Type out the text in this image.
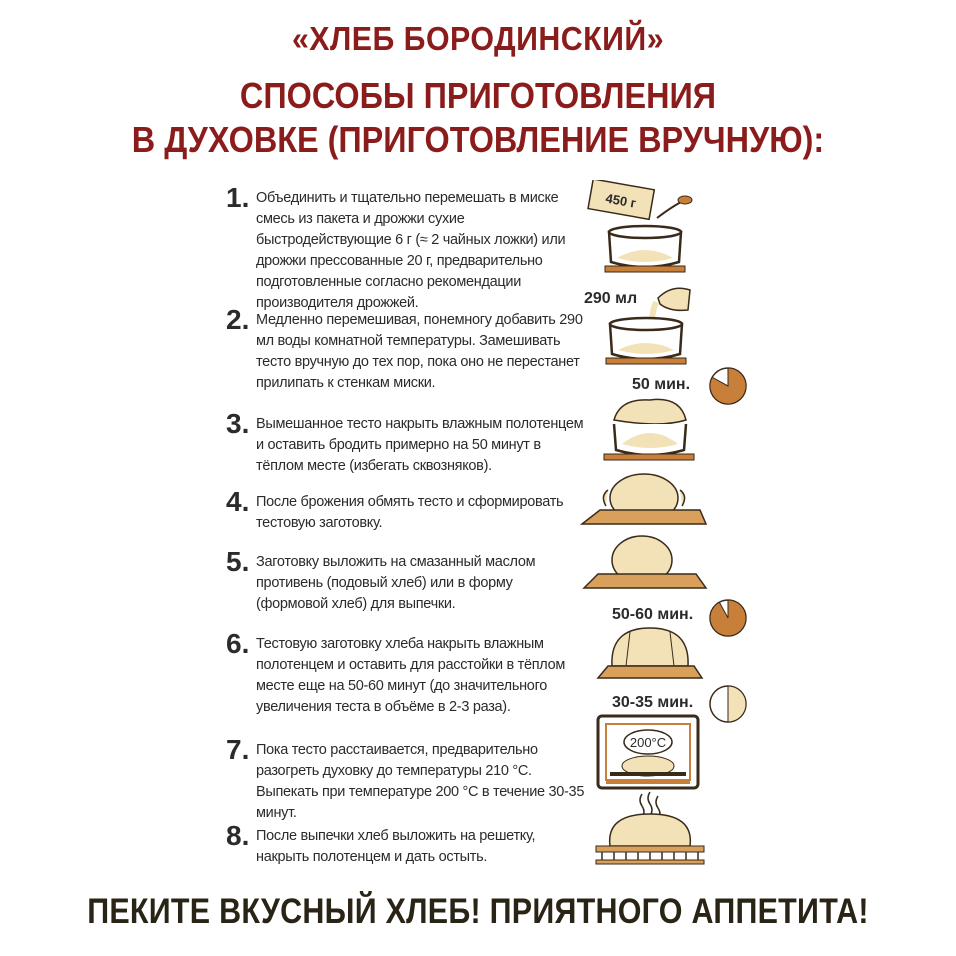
«ХЛЕБ БОРОДИНСКИЙ»
СПОСОБЫ ПРИГОТОВЛЕНИЯ
В ДУХОВКЕ (ПРИГОТОВЛЕНИЕ ВРУЧНУЮ):
1. Объединить и тщательно перемешать в миске смесь из пакета и дрожжи сухие быстродействующие 6 г (≈ 2 чайных ложки) или дрожжи прессованные 20 г, предварительно подготовленные согласно рекомендации производителя дрожжей.
2. Медленно перемешивая, понемногу добавить 290 мл воды комнатной температуры. Замешивать тесто вручную до тех пор, пока оно не перестанет прилипать к стенкам миски.
3. Вымешанное тесто накрыть влажным полотенцем и оставить бродить примерно на 50 минут в тёплом месте (избегать сквозняков).
4. После брожения обмять тесто и сформировать тестовую заготовку.
5. Заготовку выложить на смазанный маслом противень (подовый хлеб) или в форму (формовой хлеб) для выпечки.
6. Тестовую заготовку хлеба накрыть влажным полотенцем и оставить для расстойки в тёплом месте еще на 50-60 минут (до значительного увеличения теста в объёме в 2-3 раза).
7. Пока тесто расстаивается, предварительно разогреть духовку до температуры 210 °С. Выпекать при температуре 200 °С в течение 30-35 минут.
8. После выпечки хлеб выложить на решетку, накрыть полотенцем и дать остыть.
450 г
290 мл
50 мин.
50-60 мин.
30-35 мин.
200°C
ПЕКИТЕ ВКУСНЫЙ ХЛЕБ! ПРИЯТНОГО АППЕТИТА!
